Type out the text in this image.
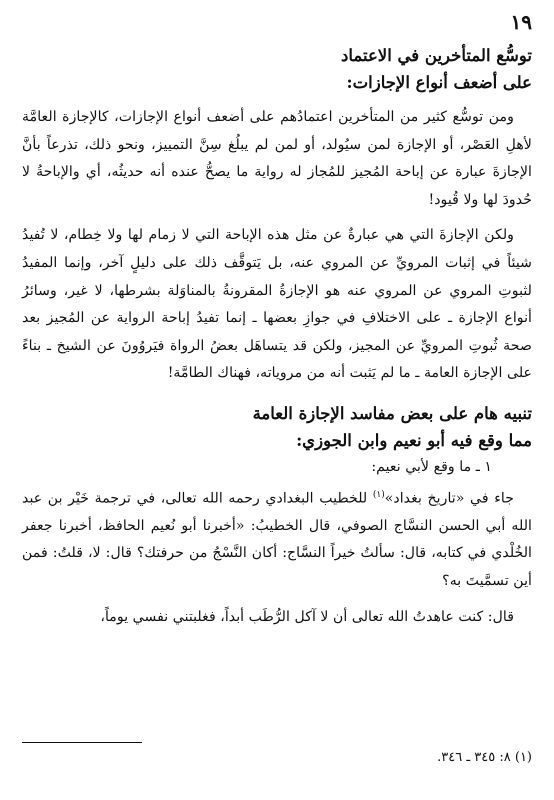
١٩

توسُّع المتأخرين في الاعتماد

على أضعف أنواع الإجازات:

ومن توسُّع كثير من المتأخرين اعتمادُهم على أضعف أنواع الإجازات، كالإجازة العامَّة لأهلِ العَصْر، أو الإجازة لمن سيُولد، أو لمن لم يبلُغ سِنَّ التمييز، ونحو ذلك، تذرعاً بأنَّ الإجازةَ عبارة عن إباحة المُجيز للمُجاز له رواية ما يصحُّ عنده أنه حديثُه، أي والإباحةُ لا حُدودَ لها ولا قُيود!

ولكن الإجازةَ التي هي عبارةٌ عن مثل هذه الإباحة التي لا زمام لها ولا خِطام، لا تُفيدُ شيئاً في إثبات المرويِّ عن المروي عنه، بل يَتوقَّف ذلك على دليلٍ آخر، وإنما المفيدُ لثبوتِ المروي عن المروي عنه هو الإجازةُ المقرونةُ بالمناوَلة بشرطها، لا غير، وسائرُ أنواع الإجازة ـ على الاختلافِ في جوازِ بعضها ـ إنما تفيدُ إباحة الرواية عن المُجيز بعد صحة ثُبوتِ المرويِّ عن المجيز، ولكن قد يتساهَل بعضُ الرواة فيَروُونَ عن الشيخ ـ بناءً على الإجازة العامة ـ ما لم يَثبت أنه من مروياته، فهناك الطامَّة!

تنبيه هام على بعض مفاسد الإجازة العامة

مما وقع فيه أبو نعيم وابن الجوزي:

١ ـ ما وقع لأبي نعيم:

جاء في «تاريخ بغداد»$^{(١)}$ للخطيب البغدادي رحمه الله تعالى، في ترجمة خَيْر بن عبد الله أبي الحسن النسَّاج الصوفي، قال الخطيبُ: «أخبرنا أبو نُعيم الحافظ، أخبرنا جعفر الخُلْدي في كتابه، قال: سألتُ خيراً النسَّاج: أكان النَّسْجُ من حرفتك؟ قال: لا، قلتُ: فمن أين تسمَّيتَ به؟

قال: كنت عاهدتُ الله تعالى أن لا آكل الرُّطَب أبداً، فغلبتني نفسي يوماً،

(١) ٨: ٣٤٥ ـ ٣٤٦.
